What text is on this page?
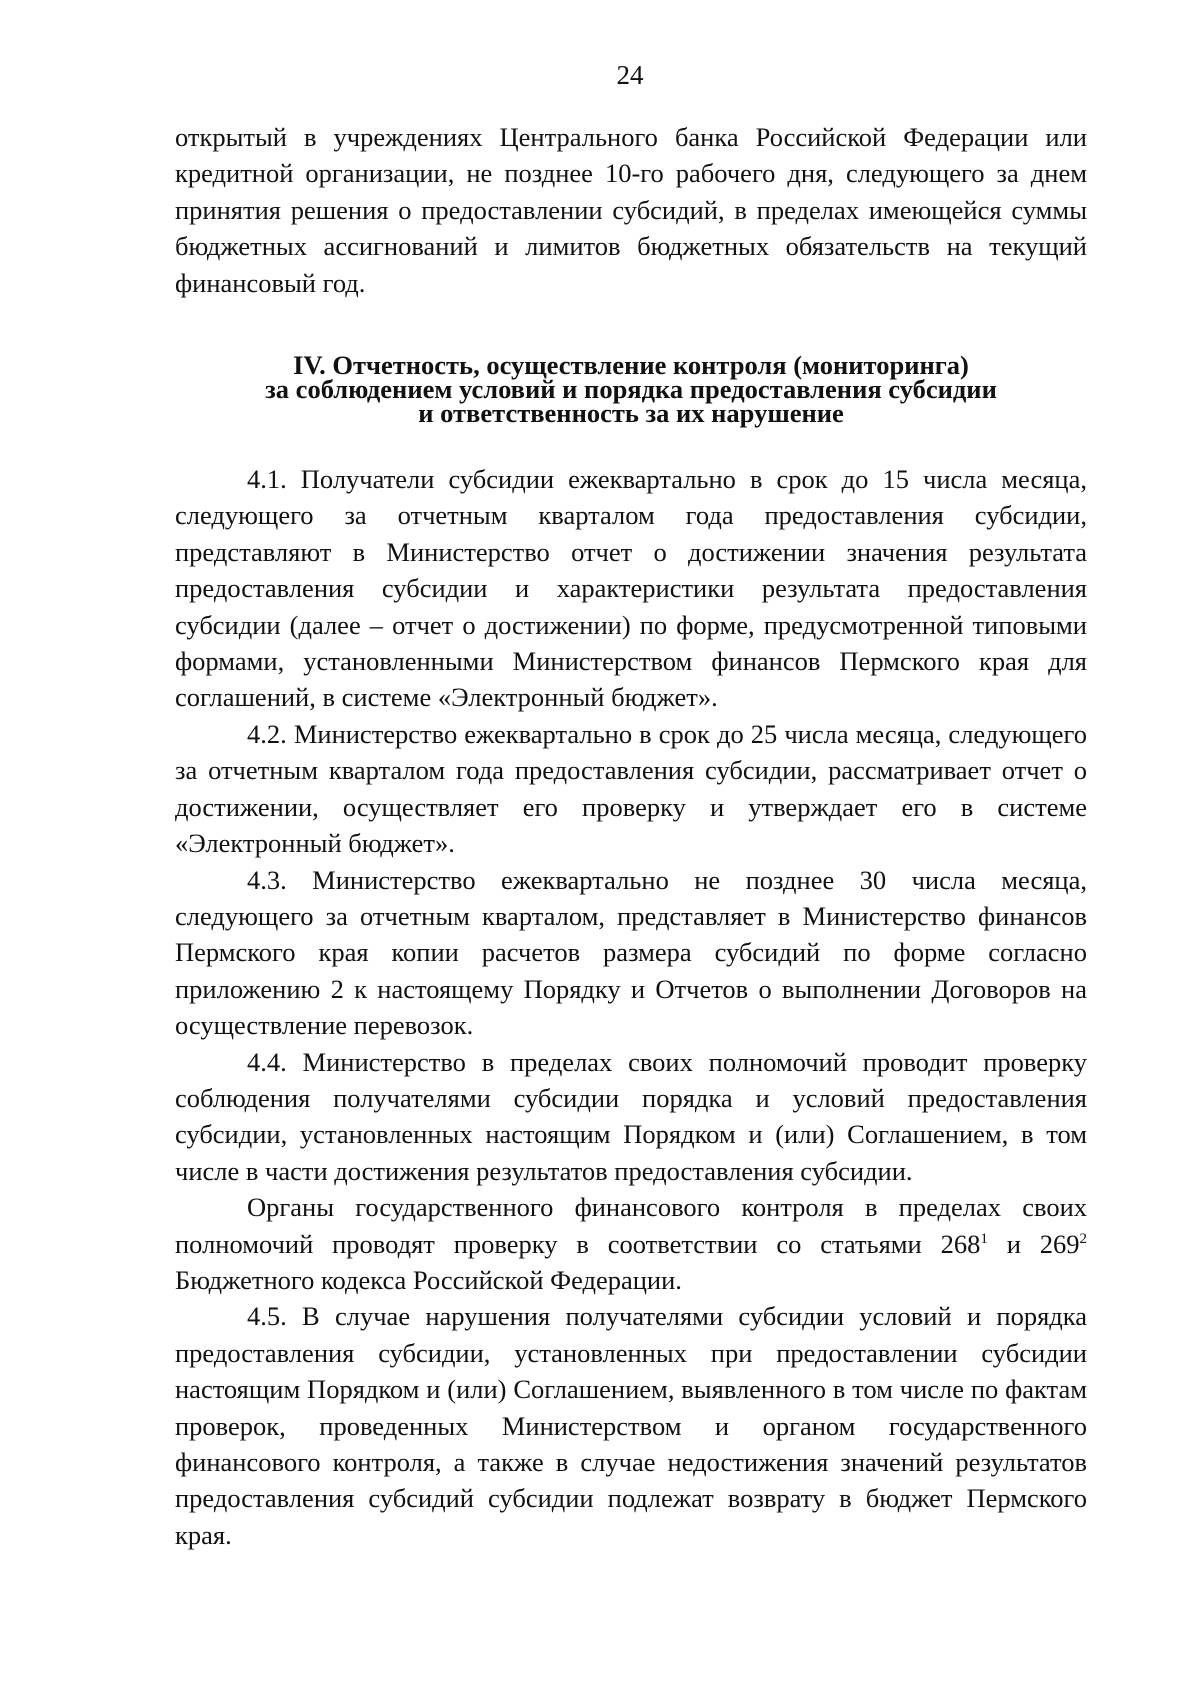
24

открытый в учреждениях Центрального банка Российской Федерации или кредитной организации, не позднее 10-го рабочего дня, следующего за днем принятия решения о предоставлении субсидий, в пределах имеющейся суммы бюджетных ассигнований и лимитов бюджетных обязательств на текущий финансовый год.

IV. Отчетность, осуществление контроля (мониторинга)
за соблюдением условий и порядка предоставления субсидии
и ответственность за их нарушение

4.1. Получатели субсидии ежеквартально в срок до 15 числа месяца, следующего за отчетным кварталом года предоставления субсидии, представляют в Министерство отчет о достижении значения результата предоставления субсидии и характеристики результата предоставления субсидии (далее – отчет о достижении) по форме, предусмотренной типовыми формами, установленными Министерством финансов Пермского края для соглашений, в системе «Электронный бюджет».

4.2. Министерство ежеквартально в срок до 25 числа месяца, следующего за отчетным кварталом года предоставления субсидии, рассматривает отчет о достижении, осуществляет его проверку и утверждает его в системе «Электронный бюджет».

4.3. Министерство ежеквартально не позднее 30 числа месяца, следующего за отчетным кварталом, представляет в Министерство финансов Пермского края копии расчетов размера субсидий по форме согласно приложению 2 к настоящему Порядку и Отчетов о выполнении Договоров на осуществление перевозок.

4.4. Министерство в пределах своих полномочий проводит проверку соблюдения получателями субсидии порядка и условий предоставления субсидии, установленных настоящим Порядком и (или) Соглашением, в том числе в части достижения результатов предоставления субсидии.

Органы государственного финансового контроля в пределах своих полномочий проводят проверку в соответствии со статьями $268^1$ и $269^2$ Бюджетного кодекса Российской Федерации.

4.5. В случае нарушения получателями субсидии условий и порядка предоставления субсидии, установленных при предоставлении субсидии настоящим Порядком и (или) Соглашением, выявленного в том числе по фактам проверок, проведенных Министерством и органом государственного финансового контроля, а также в случае недостижения значений результатов предоставления субсидий субсидии подлежат возврату в бюджет Пермского края.
